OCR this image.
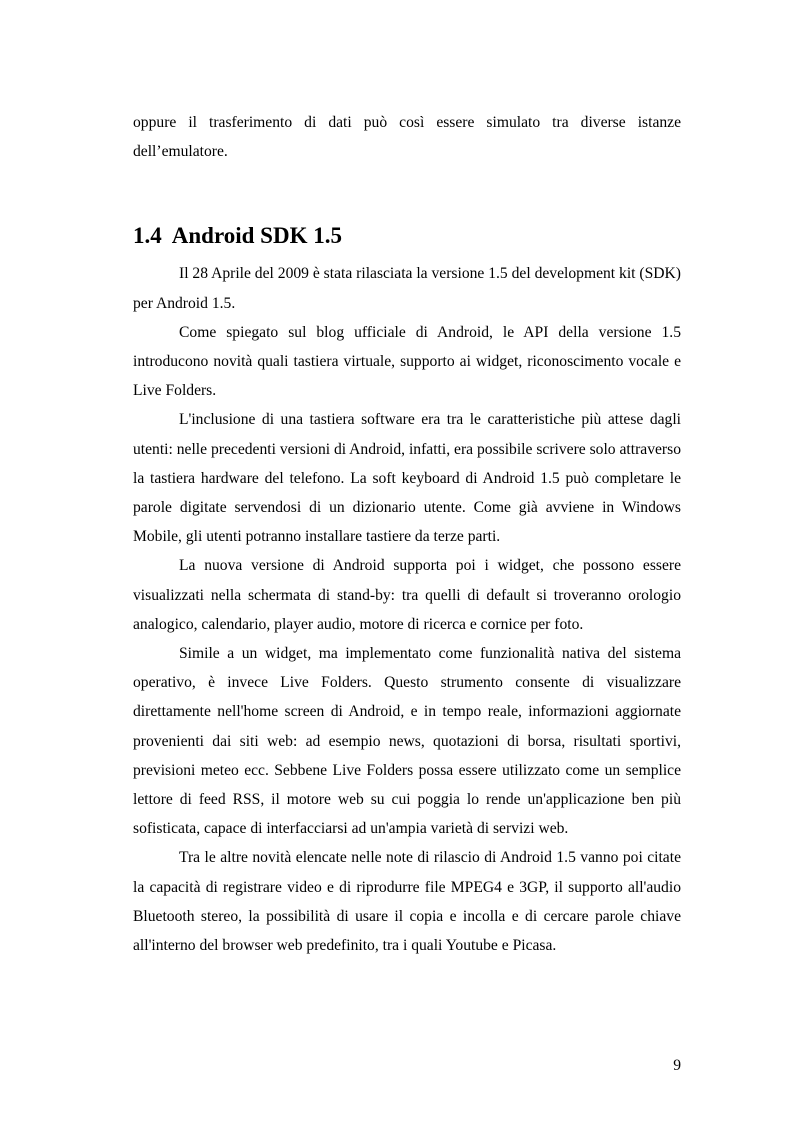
oppure il trasferimento di dati può così essere simulato tra diverse istanze dell’emulatore.

1.4 Android SDK 1.5

Il 28 Aprile del 2009 è stata rilasciata la versione 1.5 del development kit (SDK) per Android 1.5.

Come spiegato sul blog ufficiale di Android, le API della versione 1.5 introducono novità quali tastiera virtuale, supporto ai widget, riconoscimento vocale e Live Folders.

L'inclusione di una tastiera software era tra le caratteristiche più attese dagli utenti: nelle precedenti versioni di Android, infatti, era possibile scrivere solo attraverso la tastiera hardware del telefono. La soft keyboard di Android 1.5 può completare le parole digitate servendosi di un dizionario utente. Come già avviene in Windows Mobile, gli utenti potranno installare tastiere da terze parti.

La nuova versione di Android supporta poi i widget, che possono essere visualizzati nella schermata di stand-by: tra quelli di default si troveranno orologio analogico, calendario, player audio, motore di ricerca e cornice per foto.

Simile a un widget, ma implementato come funzionalità nativa del sistema operativo, è invece Live Folders. Questo strumento consente di visualizzare direttamente nell'home screen di Android, e in tempo reale, informazioni aggiornate provenienti dai siti web: ad esempio news, quotazioni di borsa, risultati sportivi, previsioni meteo ecc. Sebbene Live Folders possa essere utilizzato come un semplice lettore di feed RSS, il motore web su cui poggia lo rende un'applicazione ben più sofisticata, capace di interfacciarsi ad un'ampia varietà di servizi web.

Tra le altre novità elencate nelle note di rilascio di Android 1.5 vanno poi citate la capacità di registrare video e di riprodurre file MPEG4 e 3GP, il supporto all'audio Bluetooth stereo, la possibilità di usare il copia e incolla e di cercare parole chiave all'interno del browser web predefinito, tra i quali Youtube e Picasa.

9
